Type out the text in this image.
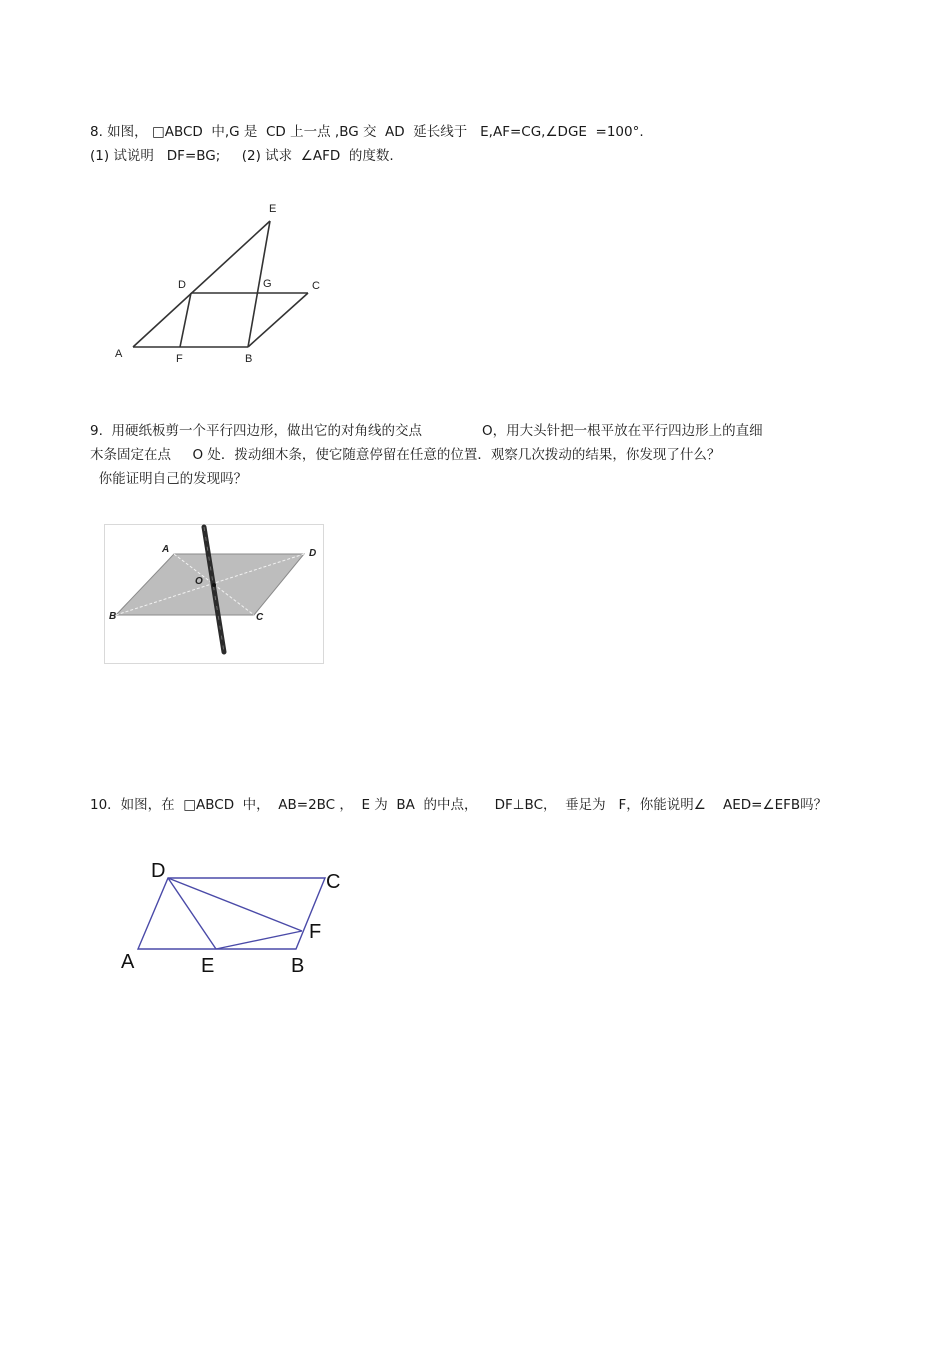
8. 如图， □ABCD  中,G 是  CD 上一点 ,BG 交  AD  延长线于   E,AF=CG,∠DGE  =100°.
(1) 试说明   DF=BG;     (2) 试求  ∠AFD  的度数.
E
D	G	C
A	F	B
9.  用硬纸板剪一个平行四边形，做出它的对角线的交点              O，用大头针把一根平放在平行四边形上的直细
木条固定在点     O 处．拨动细木条，使它随意停留在任意的位置．观察几次拨动的结果，你发现了什么？
你能证明自己的发现吗？
A	D
O
B	C
10．如图，在  □ABCD  中，  AB=2BC ，  E 为  BA  的中点，    DF⊥BC，  垂足为   F，你能说明∠    AED=∠EFB吗？
D	C
F
A	E	B
